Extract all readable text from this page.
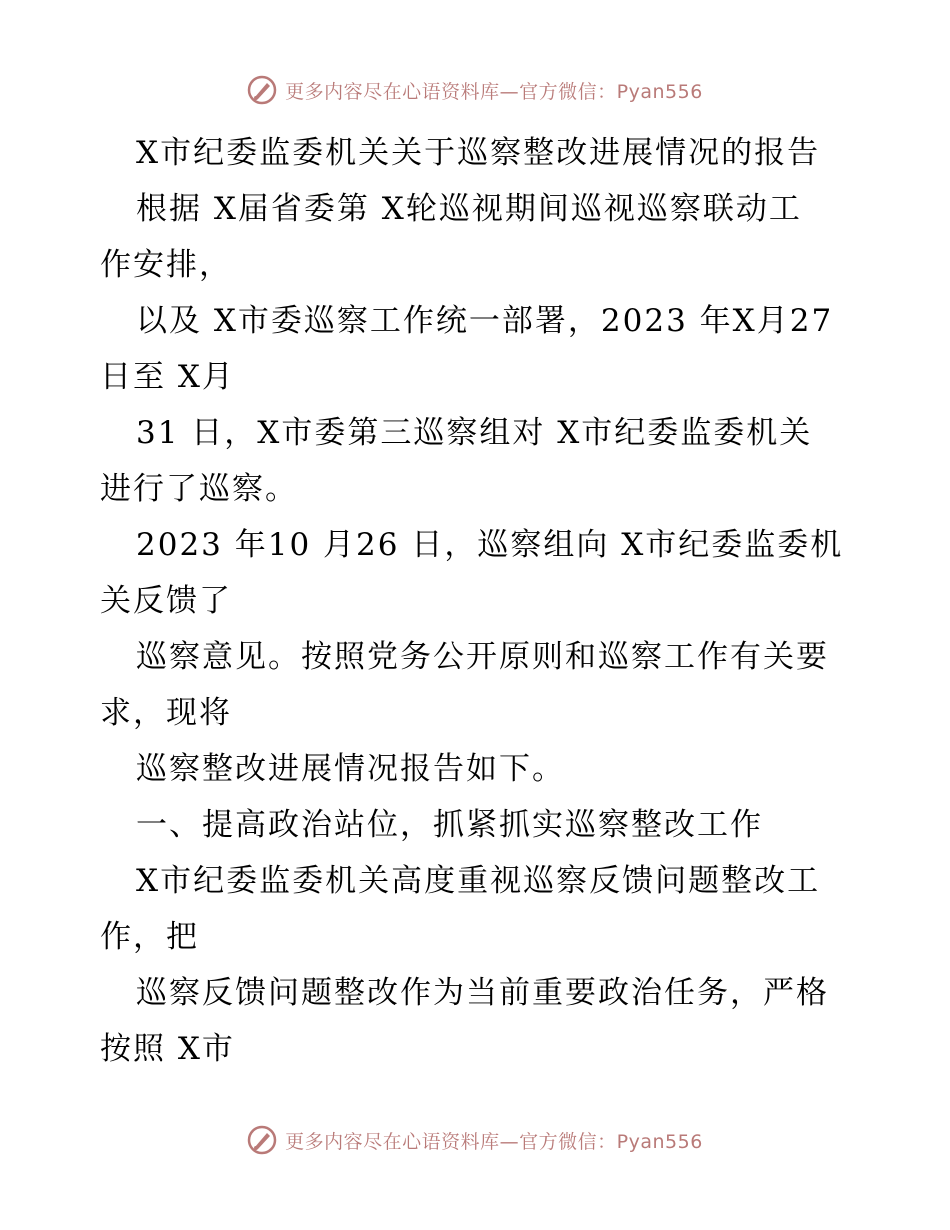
更多内容尽在心语资料库—官方微信：Pyan556

X市纪委监委机关关于巡察整改进展情况的报告

根据 X届省委第 X轮巡视期间巡视巡察联动工
作安排，

以及 X市委巡察工作统一部署，2023 年X月27
日至 X月

31 日，X市委第三巡察组对 X市纪委监委机关
进行了巡察。

2023 年10 月26 日，巡察组向 X市纪委监委机
关反馈了

巡察意见。按照党务公开原则和巡察工作有关要
求，现将

巡察整改进展情况报告如下。

一、提高政治站位，抓紧抓实巡察整改工作

X市纪委监委机关高度重视巡察反馈问题整改工
作，把

巡察反馈问题整改作为当前重要政治任务，严格
按照 X市

更多内容尽在心语资料库—官方微信：Pyan556
